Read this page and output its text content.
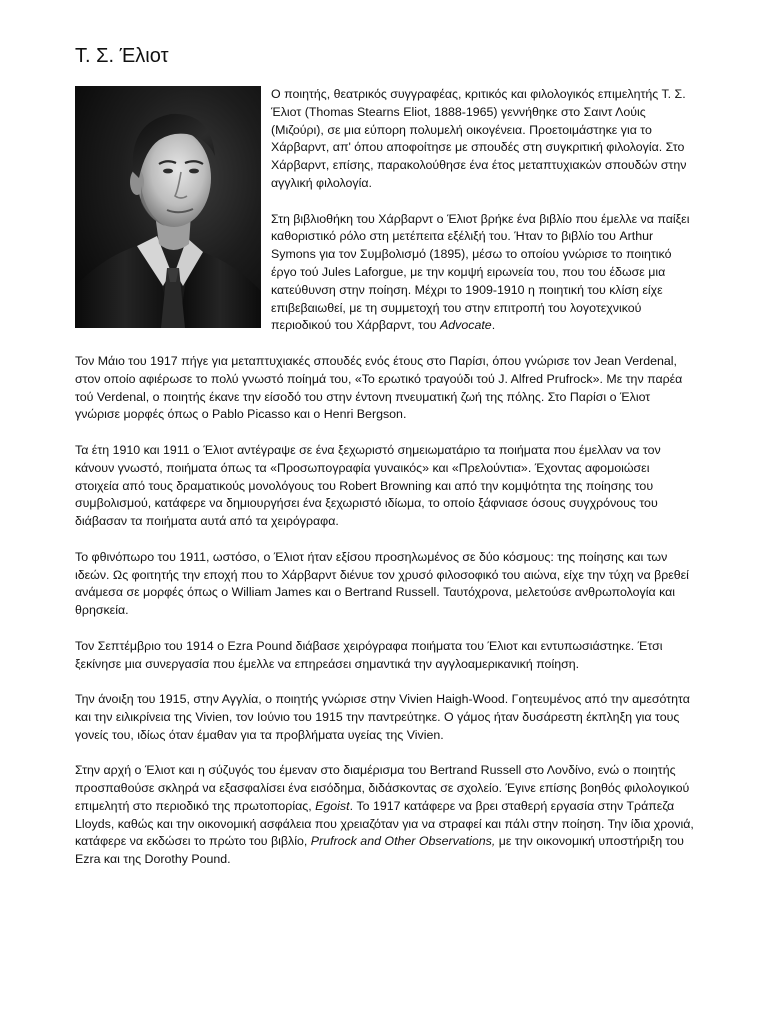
Τ. Σ. Έλιοτ

Ο ποιητής, θεατρικός συγγραφέας, κριτικός και φιλολογικός επιμελητής Τ. Σ. Έλιοτ (Thomas Stearns Eliot, 1888-1965) γεννήθηκε στο Σαιντ Λούις (Μιζούρι), σε μια εύπορη πολυμελή οικογένεια. Προετοιμάστηκε για το Χάρβαρντ, απ' όπου αποφοίτησε με σπουδές στη συγκριτική φιλολογία. Στο Χάρβαρντ, επίσης, παρακολούθησε ένα έτος μεταπτυχιακών σπουδών στην αγγλική φιλολογία.

Στη βιβλιοθήκη του Χάρβαρντ ο Έλιοτ βρήκε ένα βιβλίο που έμελλε να παίξει καθοριστικό ρόλο στη μετέπειτα εξέλιξή του. Ήταν το βιβλίο του Arthur Symons για τον Συμβολισμό (1895), μέσω το οποίου γνώρισε το ποιητικό έργο τού Jules Laforgue, με την κομψή ειρωνεία του, που του έδωσε μια κατεύθυνση στην ποίηση. Μέχρι το 1909-1910 η ποιητική του κλίση είχε επιβεβαιωθεί, με τη συμμετοχή του στην επιτροπή του λογοτεχνικού περιοδικού του Χάρβαρντ, του Advocate.

Τον Μάιο του 1917 πήγε για μεταπτυχιακές σπουδές ενός έτους στο Παρίσι, όπου γνώρισε τον Jean Verdenal, στον οποίο αφιέρωσε το πολύ γνωστό ποίημά του, «Το ερωτικό τραγούδι τού J. Alfred Prufrock». Με την παρέα τού Verdenal, ο ποιητής έκανε την είσοδό του στην έντονη πνευματική ζωή της πόλης. Στο Παρίσι ο Έλιοτ γνώρισε μορφές όπως ο Pablo Picasso και ο Henri Bergson.

Τα έτη 1910 και 1911 ο Έλιοτ αντέγραψε σε ένα ξεχωριστό σημειωματάριο τα ποιήματα που έμελλαν να τον κάνουν γνωστό, ποιήματα όπως τα «Προσωπογραφία γυναικός» και «Πρελούντια». Έχοντας αφομοιώσει στοιχεία από τους δραματικούς μονολόγους του Robert Browning και από την κομψότητα της ποίησης του συμβολισμού, κατάφερε να δημιουργήσει ένα ξεχωριστό ιδίωμα, το οποίο ξάφνιασε όσους συγχρόνους του διάβασαν τα ποιήματα αυτά από τα χειρόγραφα.

Το φθινόπωρο του 1911, ωστόσο, ο Έλιοτ ήταν εξίσου προσηλωμένος σε δύο κόσμους: της ποίησης και των ιδεών. Ως φοιτητής την εποχή που το Χάρβαρντ διένυε τον χρυσό φιλοσοφικό του αιώνα, είχε την τύχη να βρεθεί ανάμεσα σε μορφές όπως ο William James και ο Bertrand Russell. Ταυτόχρονα, μελετούσε ανθρωπολογία και θρησκεία.

Τον Σεπτέμβριο του 1914 ο Ezra Pound διάβασε χειρόγραφα ποιήματα του Έλιοτ και εντυπωσιάστηκε. Έτσι ξεκίνησε μια συνεργασία που έμελλε να επηρεάσει σημαντικά την αγγλοαμερικανική ποίηση.

Την άνοιξη του 1915, στην Αγγλία, ο ποιητής γνώρισε στην Vivien Haigh-Wood. Γοητευμένος από την αμεσότητα και την ειλικρίνεια της Vivien, τον Ιούνιο του 1915 την παντρεύτηκε. Ο γάμος ήταν δυσάρεστη έκπληξη για τους γονείς του, ιδίως όταν έμαθαν για τα προβλήματα υγείας της Vivien.

Στην αρχή ο Έλιοτ και η σύζυγός του έμεναν στο διαμέρισμα του Bertrand Russell στο Λονδίνο, ενώ ο ποιητής προσπαθούσε σκληρά να εξασφαλίσει ένα εισόδημα, διδάσκοντας σε σχολείο. Έγινε επίσης βοηθός φιλολογικού επιμελητή στο περιοδικό της πρωτοπορίας, Egoist. Το 1917 κατάφερε να βρει σταθερή εργασία στην Τράπεζα Lloyds, καθώς και την οικονομική ασφάλεια που χρειαζόταν για να στραφεί και πάλι στην ποίηση. Την ίδια χρονιά, κατάφερε να εκδώσει το πρώτο του βιβλίο, Prufrock and Other Observations, με την οικονομική υποστήριξη του Ezra και της Dorothy Pound.
